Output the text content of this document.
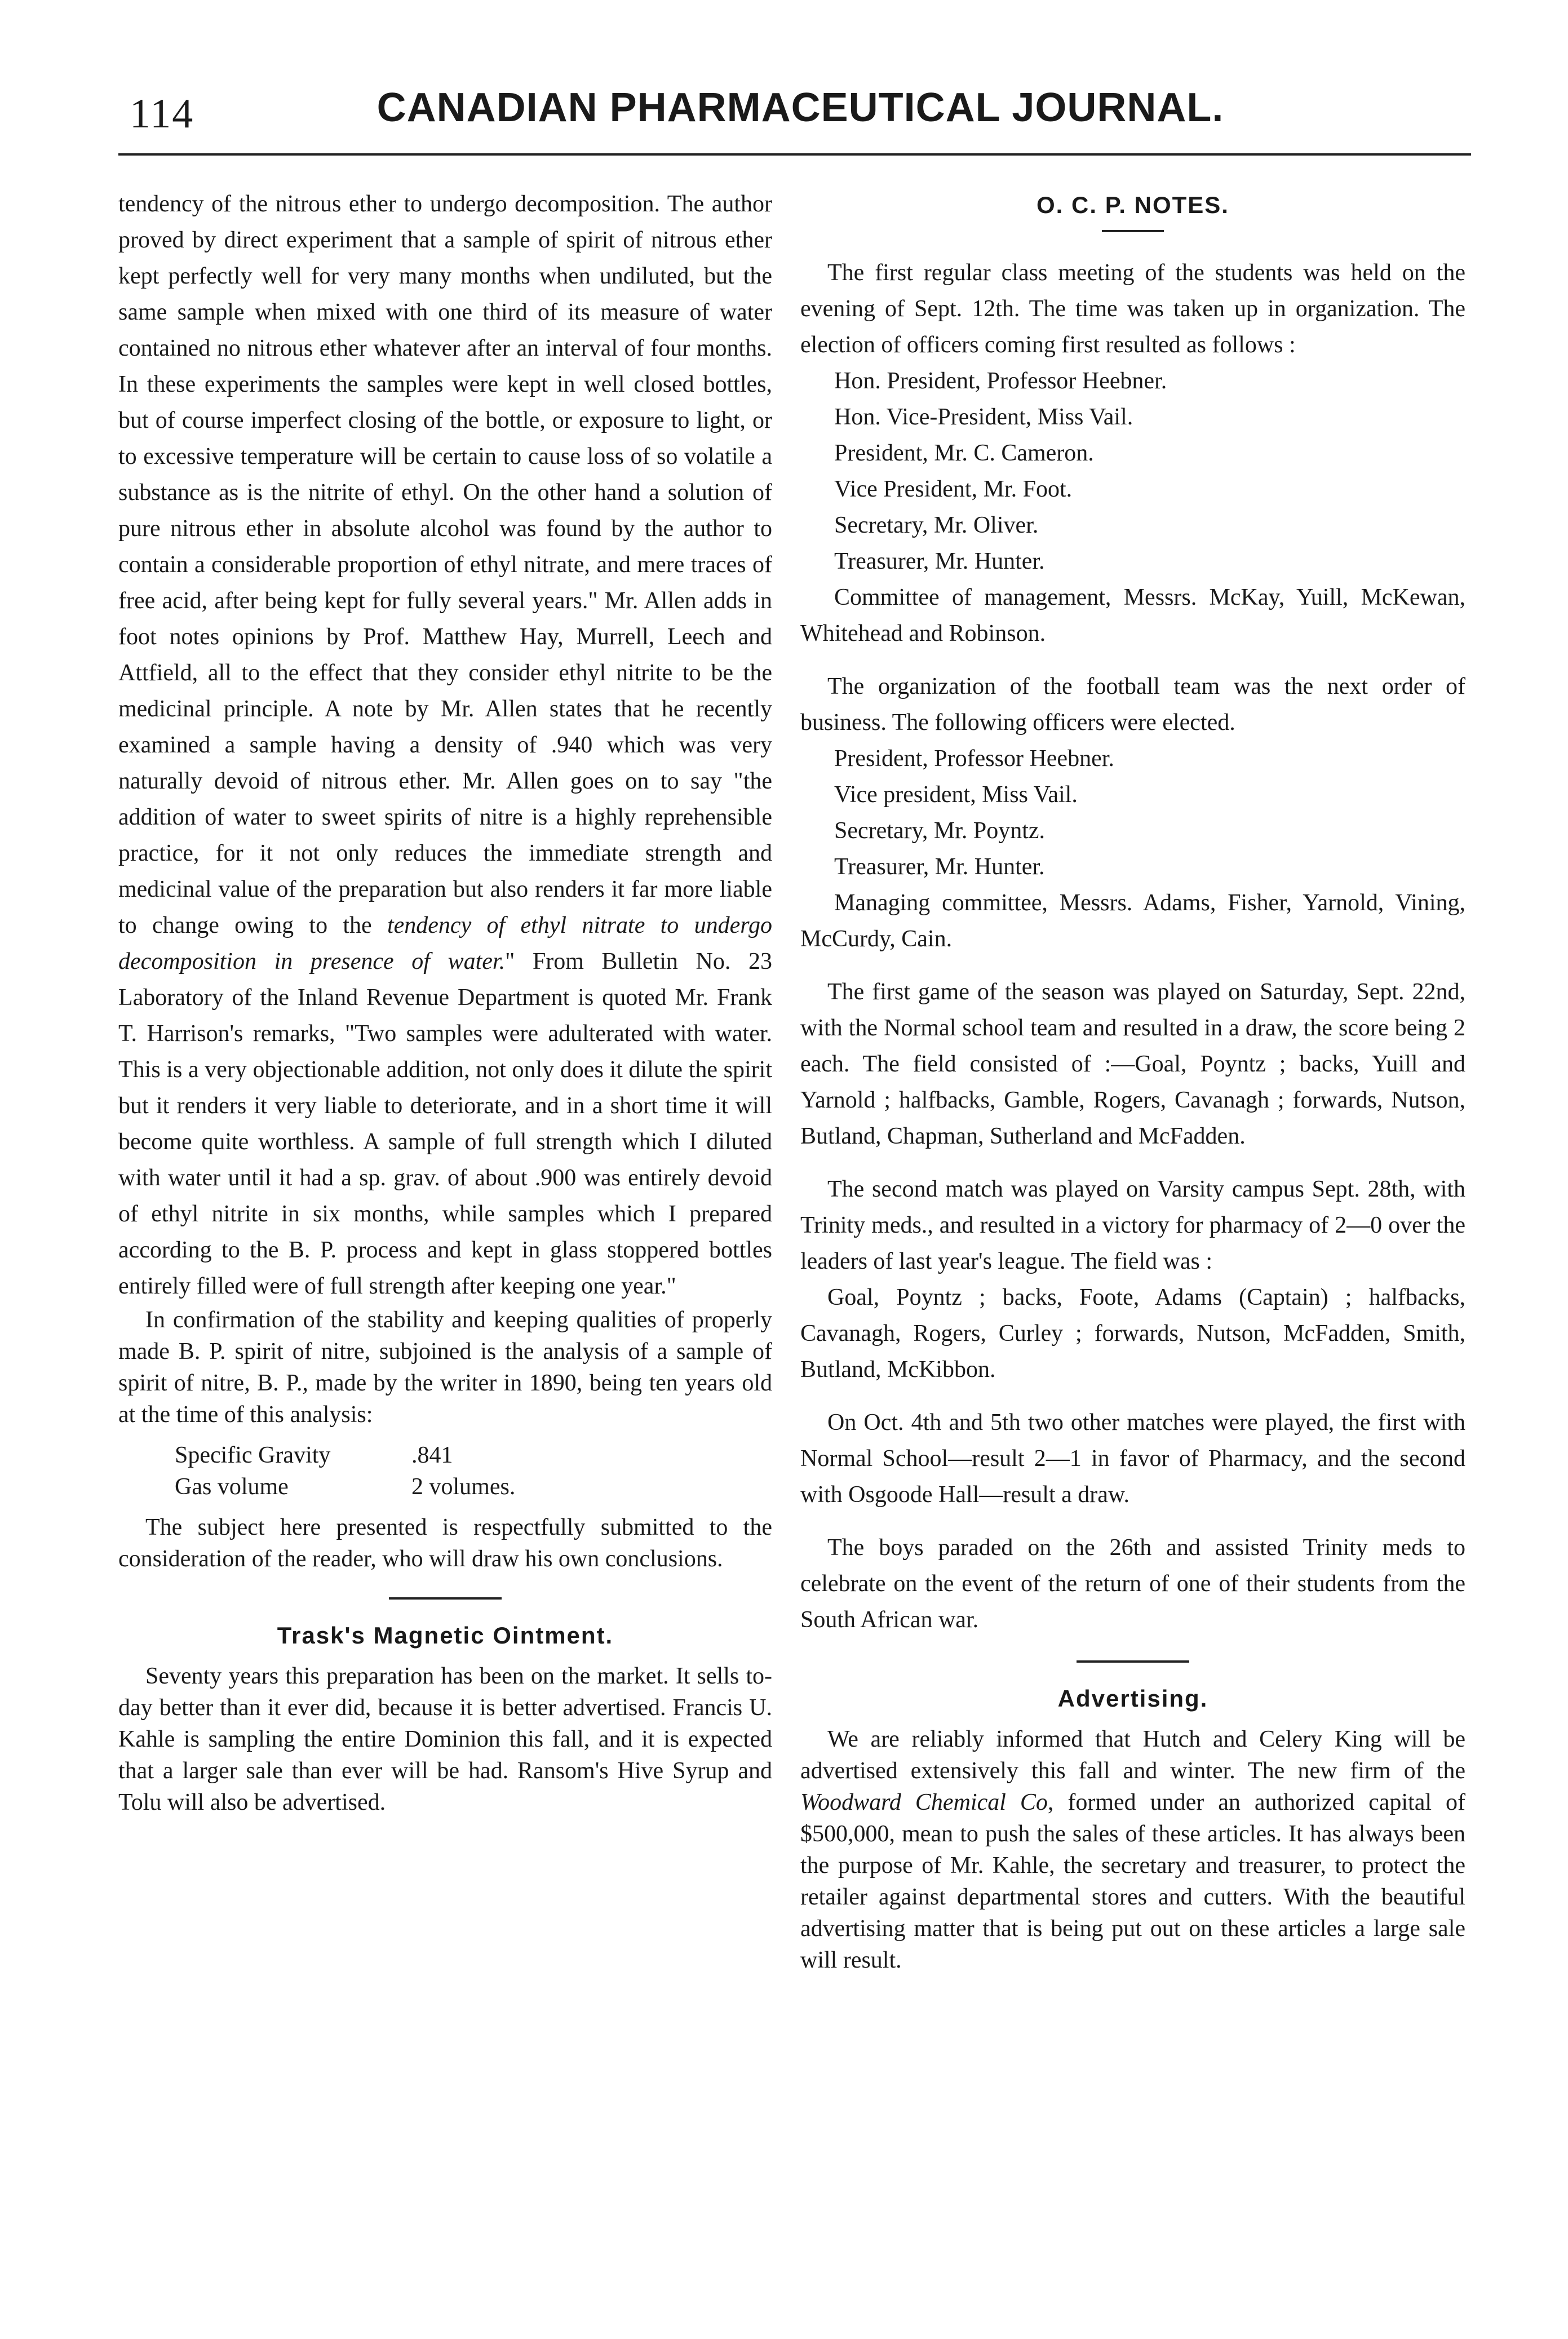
114	CANADIAN PHARMACEUTICAL JOURNAL.

tendency of the nitrous ether to undergo decomposition. The author proved by direct experiment that a sample of spirit of nitrous ether kept perfectly well for very many months when undiluted, but the same sample when mixed with one third of its measure of water contained no nitrous ether whatever after an interval of four months. In these experiments the samples were kept in well closed bottles, but of course imperfect closing of the bottle, or exposure to light, or to excessive temperature will be certain to cause loss of so volatile a substance as is the nitrite of ethyl. On the other hand a solution of pure nitrous ether in absolute alcohol was found by the author to contain a considerable proportion of ethyl nitrate, and mere traces of free acid, after being kept for fully several years." Mr. Allen adds in foot notes opinions by Prof. Matthew Hay, Murrell, Leech and Attfield, all to the effect that they consider ethyl nitrite to be the medicinal principle. A note by Mr. Allen states that he recently examined a sample having a density of .940 which was very naturally devoid of nitrous ether. Mr. Allen goes on to say "the addition of water to sweet spirits of nitre is a highly reprehensible practice, for it not only reduces the immediate strength and medicinal value of the preparation but also renders it far more liable to change owing to the tendency of ethyl nitrate to undergo decomposition in presence of water." From Bulletin No. 23 Laboratory of the Inland Revenue Department is quoted Mr. Frank T. Harrison's remarks, "Two samples were adulterated with water. This is a very objectionable addition, not only does it dilute the spirit but it renders it very liable to deteriorate, and in a short time it will become quite worthless. A sample of full strength which I diluted with water until it had a sp. grav. of about .900 was entirely devoid of ethyl nitrite in six months, while samples which I prepared according to the B. P. process and kept in glass stoppered bottles entirely filled were of full strength after keeping one year."

In confirmation of the stability and keeping qualities of properly made B. P. spirit of nitre, subjoined is the analysis of a sample of spirit of nitre, B. P., made by the writer in 1890, being ten years old at the time of this analysis:

Specific Gravity	.841
Gas volume	2 volumes.

The subject here presented is respectfully submitted to the consideration of the reader, who will draw his own conclusions.

Trask's Magnetic Ointment.

Seventy years this preparation has been on the market. It sells to-day better than it ever did, because it is better advertised. Francis U. Kahle is sampling the entire Dominion this fall, and it is expected that a larger sale than ever will be had. Ransom's Hive Syrup and Tolu will also be advertised.

O. C. P. NOTES.

The first regular class meeting of the students was held on the evening of Sept. 12th. The time was taken up in organization. The election of officers coming first resulted as follows :

Hon. President, Professor Heebner.

Hon. Vice-President, Miss Vail.

President, Mr. C. Cameron.

Vice President, Mr. Foot.

Secretary, Mr. Oliver.

Treasurer, Mr. Hunter.

Committee of management, Messrs. McKay, Yuill, McKewan, Whitehead and Robinson.

The organization of the football team was the next order of business. The following officers were elected.

President, Professor Heebner.

Vice president, Miss Vail.

Secretary, Mr. Poyntz.

Treasurer, Mr. Hunter.

Managing committee, Messrs. Adams, Fisher, Yarnold, Vining, McCurdy, Cain.

The first game of the season was played on Saturday, Sept. 22nd, with the Normal school team and resulted in a draw, the score being 2 each. The field consisted of :—Goal, Poyntz ; backs, Yuill and Yarnold ; halfbacks, Gamble, Rogers, Cavanagh ; forwards, Nutson, Butland, Chapman, Sutherland and McFadden.

The second match was played on Varsity campus Sept. 28th, with Trinity meds., and resulted in a victory for pharmacy of 2—0 over the leaders of last year's league. The field was :

Goal, Poyntz ; backs, Foote, Adams (Captain) ; halfbacks, Cavanagh, Rogers, Curley ; forwards, Nutson, McFadden, Smith, Butland, McKibbon.

On Oct. 4th and 5th two other matches were played, the first with Normal School—result 2—1 in favor of Pharmacy, and the second with Osgoode Hall—result a draw.

The boys paraded on the 26th and assisted Trinity meds to celebrate on the event of the return of one of their students from the South African war.

Advertising.

We are reliably informed that Hutch and Celery King will be advertised extensively this fall and winter. The new firm of the Woodward Chemical Co, formed under an authorized capital of $500,000, mean to push the sales of these articles. It has always been the purpose of Mr. Kahle, the secretary and treasurer, to protect the retailer against departmental stores and cutters. With the beautiful advertising matter that is being put out on these articles a large sale will result.
